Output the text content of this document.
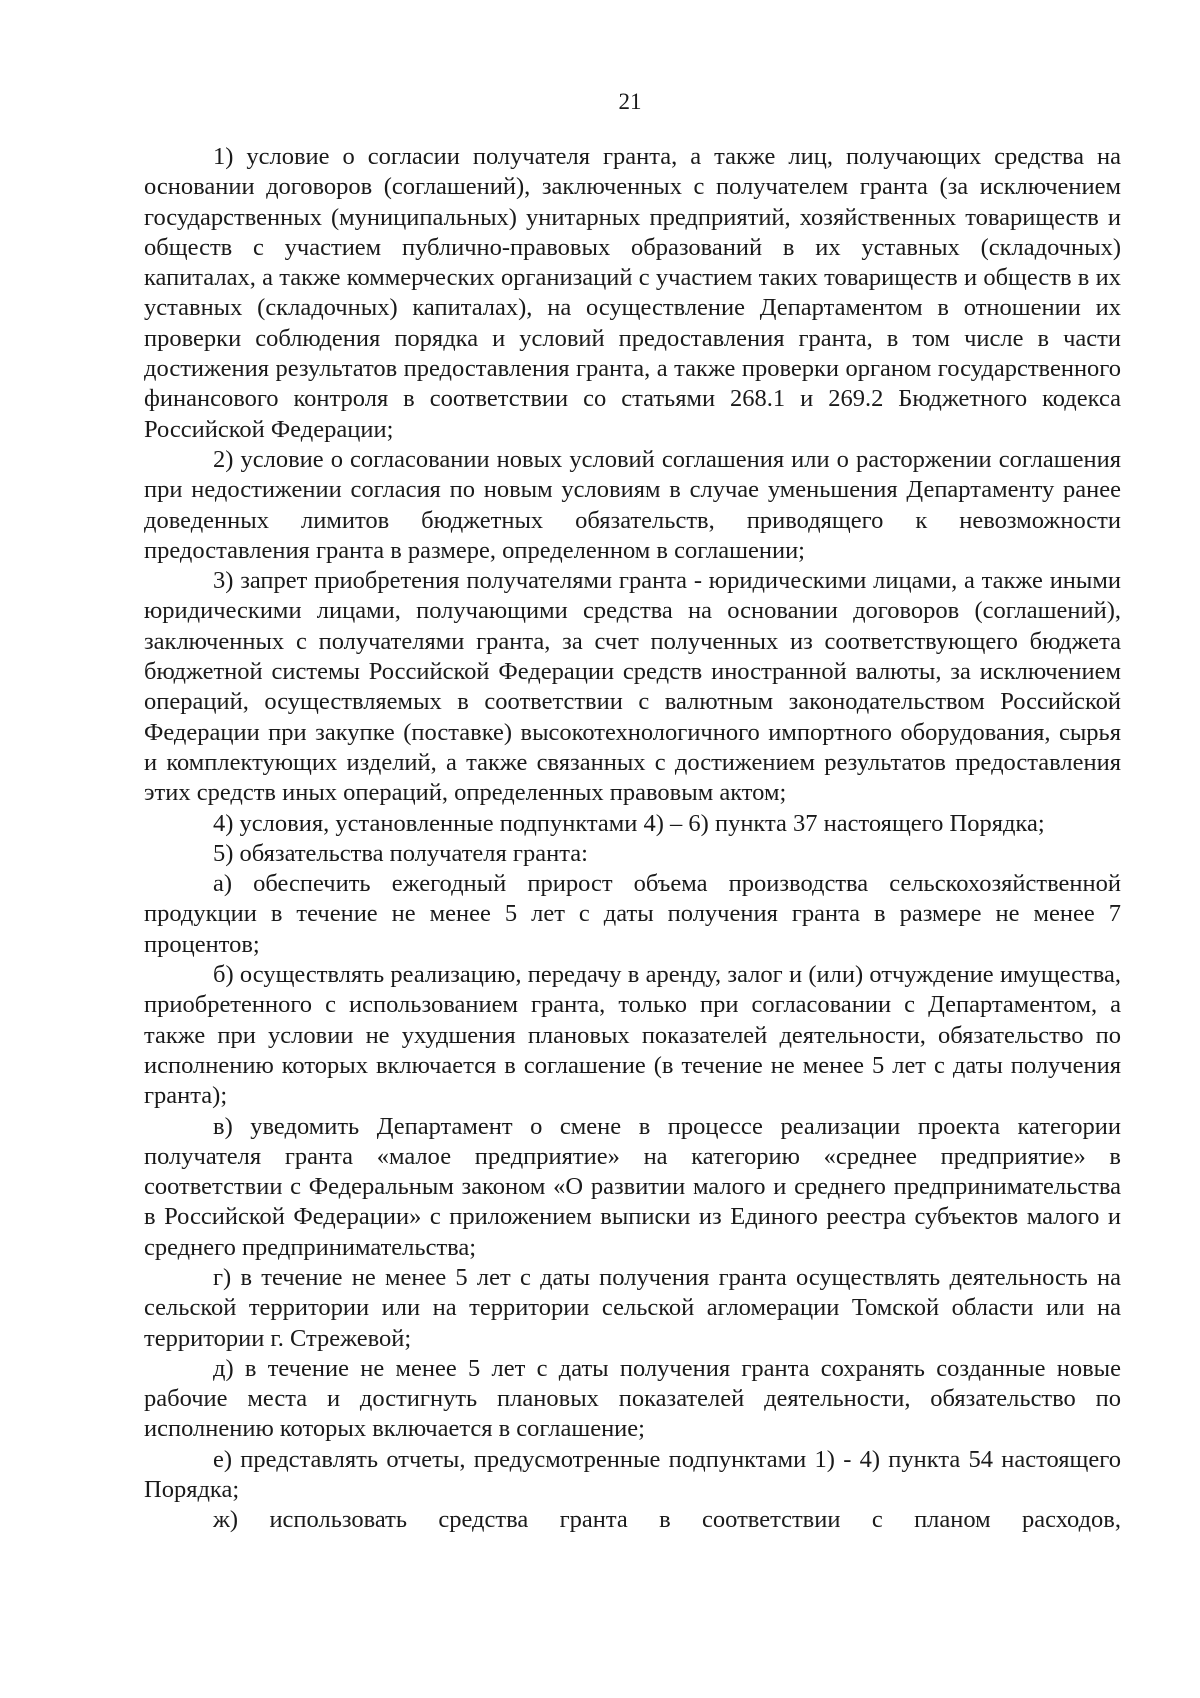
21

1) условие о согласии получателя гранта, а также лиц, получающих средства на основании договоров (соглашений), заключенных с получателем гранта (за исключением государственных (муниципальных) унитарных предприятий, хозяйственных товариществ и обществ с участием публично-правовых образований в их уставных (складочных) капиталах, а также коммерческих организаций с участием таких товариществ и обществ в их уставных (складочных) капиталах), на осуществление Департаментом в отношении их проверки соблюдения порядка и условий предоставления гранта, в том числе в части достижения результатов предоставления гранта, а также проверки органом государственного финансового контроля в соответствии со статьями 268.1 и 269.2 Бюджетного кодекса Российской Федерации;

2) условие о согласовании новых условий соглашения или о расторжении соглашения при недостижении согласия по новым условиям в случае уменьшения Департаменту ранее доведенных лимитов бюджетных обязательств, приводящего к невозможности предоставления гранта в размере, определенном в соглашении;

3) запрет приобретения получателями гранта - юридическими лицами, а также иными юридическими лицами, получающими средства на основании договоров (соглашений), заключенных с получателями гранта, за счет полученных из соответствующего бюджета бюджетной системы Российской Федерации средств иностранной валюты, за исключением операций, осуществляемых в соответствии с валютным законодательством Российской Федерации при закупке (поставке) высокотехнологичного импортного оборудования, сырья и комплектующих изделий, а также связанных с достижением результатов предоставления этих средств иных операций, определенных правовым актом;

4) условия, установленные подпунктами 4) – 6) пункта 37 настоящего Порядка;

5) обязательства получателя гранта:

а) обеспечить ежегодный прирост объема производства сельскохозяйственной продукции в течение не менее 5 лет с даты получения гранта в размере не менее 7 процентов;

б) осуществлять реализацию, передачу в аренду, залог и (или) отчуждение имущества, приобретенного с использованием гранта, только при согласовании с Департаментом, а также при условии не ухудшения плановых показателей деятельности, обязательство по исполнению которых включается в соглашение (в течение не менее 5 лет с даты получения гранта);

в) уведомить Департамент о смене в процессе реализации проекта категории получателя гранта «малое предприятие» на категорию «среднее предприятие» в соответствии с Федеральным законом «О развитии малого и среднего предпринимательства в Российской Федерации» с приложением выписки из Единого реестра субъектов малого и среднего предпринимательства;

г) в течение не менее 5 лет с даты получения гранта осуществлять деятельность на сельской территории или на территории сельской агломерации Томской области или на территории г. Стрежевой;

д) в течение не менее 5 лет с даты получения гранта сохранять созданные новые рабочие места и достигнуть плановых показателей деятельности, обязательство по исполнению которых включается в соглашение;

е) представлять отчеты, предусмотренные подпунктами 1) - 4) пункта 54 настоящего Порядка;

ж) использовать средства гранта в соответствии с планом расходов,
